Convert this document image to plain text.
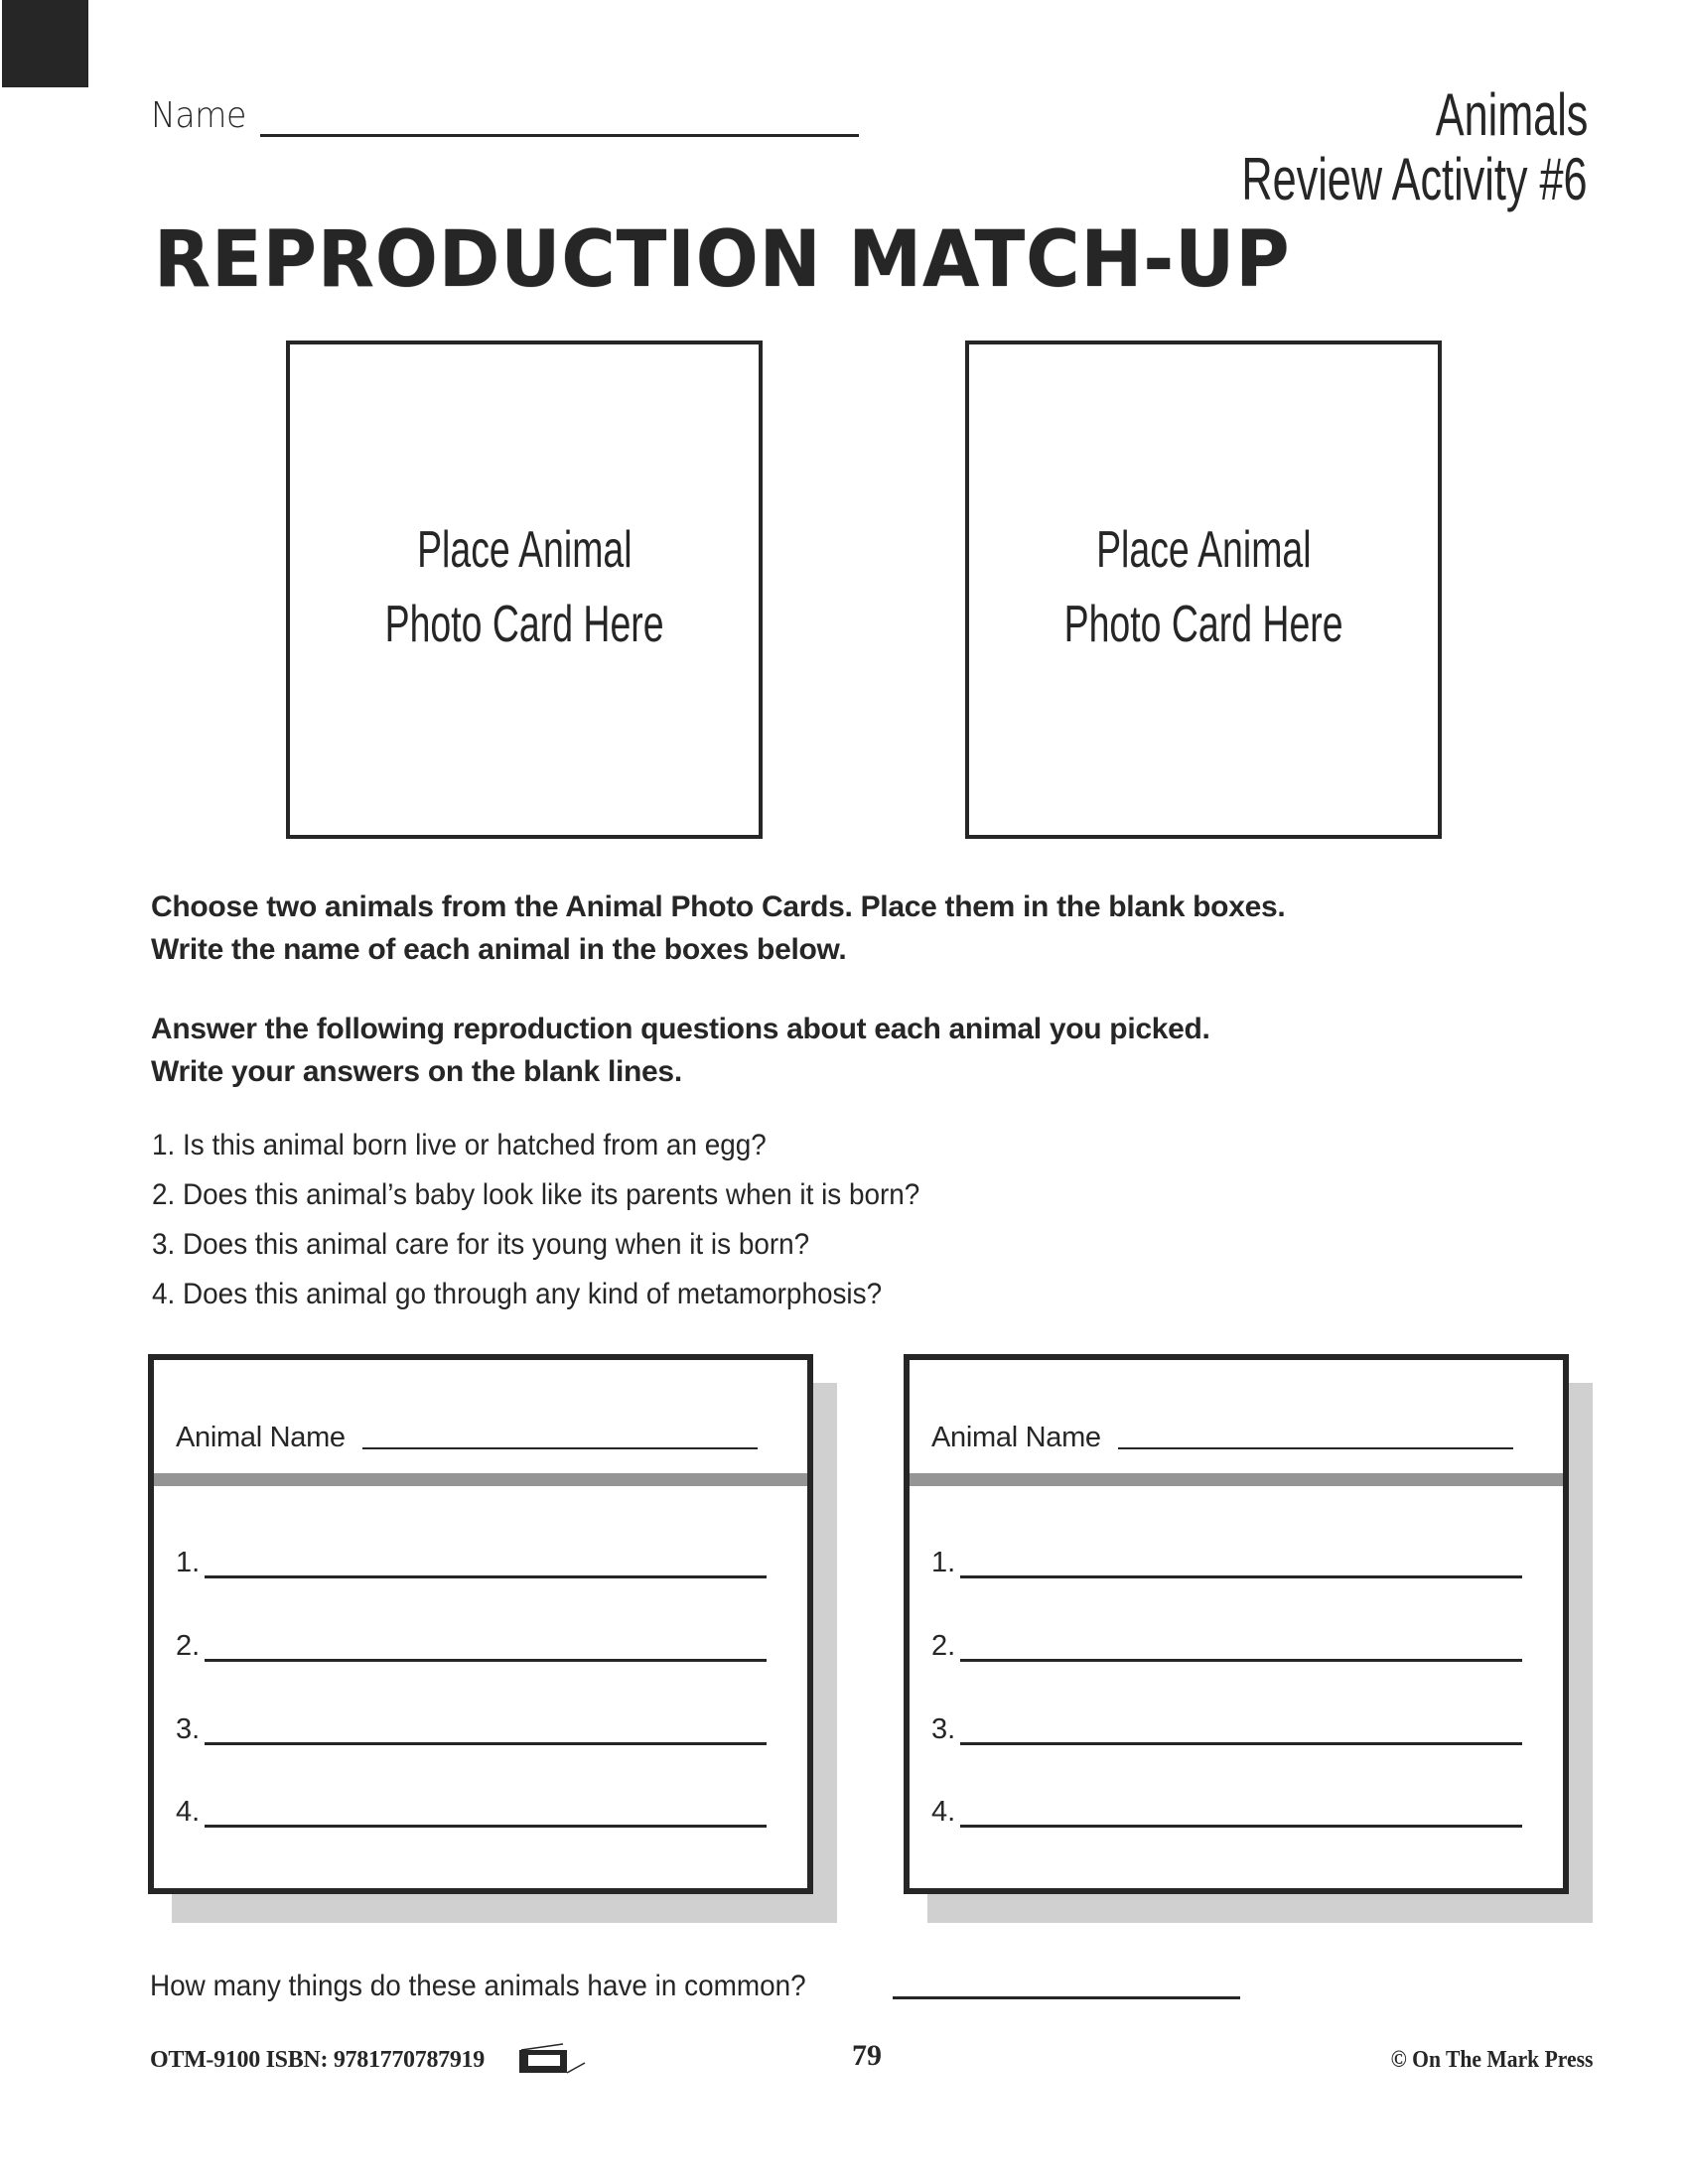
Name	Animals
Review Activity #6
REPRODUCTION MATCH-UP
Place Animal
Photo Card Here
Place Animal
Photo Card Here
Choose two animals from the Animal Photo Cards. Place them in the blank boxes.
Write the name of each animal in the boxes below.
Answer the following reproduction questions about each animal you picked.
Write your answers on the blank lines.
1. Is this animal born live or hatched from an egg?
2. Does this animal’s baby look like its parents when it is born?
3. Does this animal care for its young when it is born?
4. Does this animal go through any kind of metamorphosis?
Animal Name
1.
2.
3.
4.
Animal Name
1.
2.
3.
4.
How many things do these animals have in common?
OTM-9100 ISBN: 9781770787919	79	© On The Mark Press
